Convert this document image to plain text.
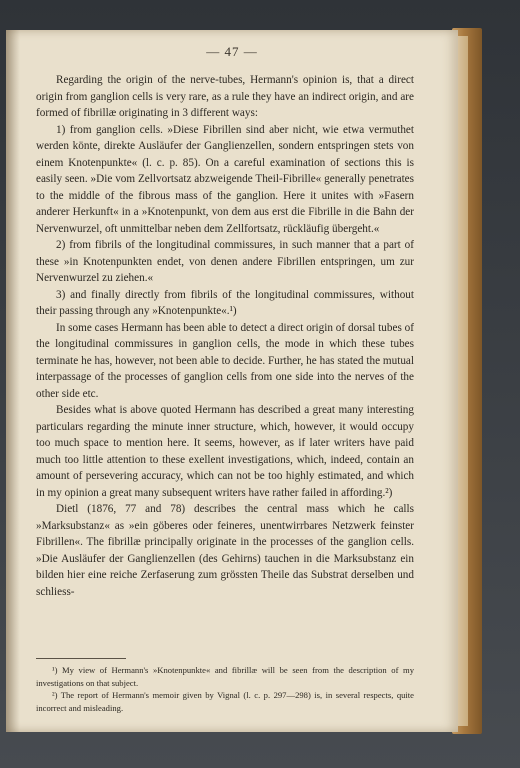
— 47 —

Regarding the origin of the nerve-tubes, Hermann's opinion is, that a direct origin from ganglion cells is very rare, as a rule they have an indirect origin, and are formed of fibrillæ originating in 3 different ways:

1) from ganglion cells. »Diese Fibrillen sind aber nicht, wie etwa vermuthet werden könte, direkte Ausläufer der Ganglienzellen, sondern entspringen stets von einem Knotenpunkte« (l. c. p. 85). On a careful examination of sections this is easily seen. »Die vom Zellvortsatz abzweigende Theil-Fibrille« generally penetrates to the middle of the fibrous mass of the ganglion. Here it unites with »Fasern anderer Herkunft« in a »Knotenpunkt, von dem aus erst die Fibrille in die Bahn der Nervenwurzel, oft unmittelbar neben dem Zellfortsatz, rückläufig übergeht.«

2) from fibrils of the longitudinal commissures, in such manner that a part of these »in Knotenpunkten endet, von denen andere Fibrillen entspringen, um zur Nervenwurzel zu ziehen.«

3) and finally directly from fibrils of the longitudinal commissures, without their passing through any »Knotenpunkte«.¹)

In some cases Hermann has been able to detect a direct origin of dorsal tubes of the longitudinal commissures in ganglion cells, the mode in which these tubes terminate he has, however, not been able to decide. Further, he has stated the mutual interpassage of the processes of ganglion cells from one side into the nerves of the other side etc.

Besides what is above quoted Hermann has described a great many interesting particulars regarding the minute inner structure, which, however, it would occupy too much space to mention here. It seems, however, as if later writers have paid much too little attention to these exellent investigations, which, indeed, contain an amount of persevering accuracy, which can not be too highly estimated, and which in my opinion a great many subsequent writers have rather failed in affording.²)

Dietl (1876, 77 and 78) describes the central mass which he calls »Marksubstanz« as »ein göberes oder feineres, unentwirrbares Netzwerk feinster Fibrillen«. The fibrillæ principally originate in the processes of the ganglion cells. »Die Ausläufer der Ganglienzellen (des Gehirns) tauchen in die Marksubstanz ein bilden hier eine reiche Zerfaserung zum grössten Theile das Substrat derselben und schliess-

¹) My view of Hermann's »Knotenpunkte« and fibrillæ will be seen from the description of my investigations on that subject.

²) The report of Hermann's memoir given by Vignal (l. c. p. 297—298) is, in several respects, quite incorrect and misleading.
